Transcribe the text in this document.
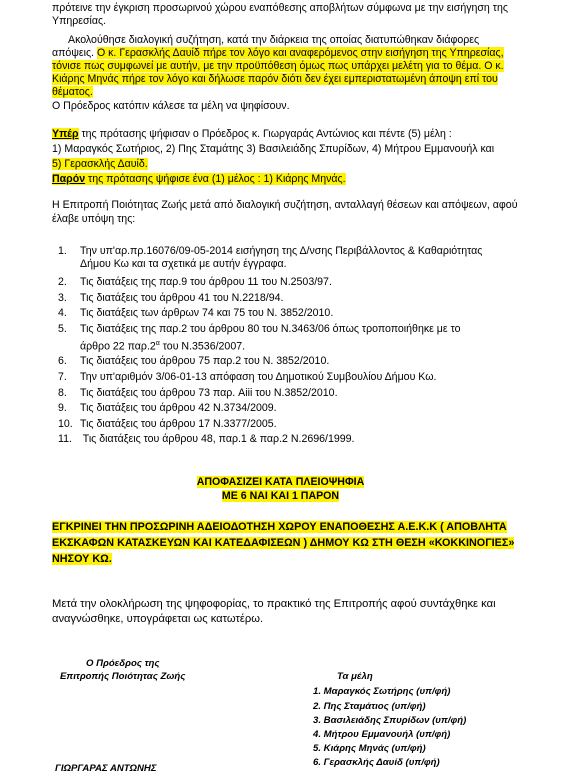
πρότεινε την έγκριση προσωρινού χώρου εναπόθεσης αποβλήτων σύμφωνα με την εισήγηση της
Υπηρεσίας.
Ακολούθησε διαλογική συζήτηση, κατά την διάρκεια της οποίας διατυπώθηκαν διάφορες
απόψεις. Ο κ. Γερασκλής Δαυίδ πήρε τον λόγο και αναφερόμενος στην εισήγηση της Υπηρεσίας,
τόνισε πως συμφωνεί με αυτήν, με την προϋπόθεση όμως πως υπάρχει μελέτη για το θέμα. Ο κ.
Κιάρης Μηνάς πήρε τον λόγο και δήλωσε παρόν διότι δεν έχει εμπεριστατωμένη άποψη επί του
θέματος.
Ο Πρόεδρος κατόπιν κάλεσε τα μέλη να ψηφίσουν.
Υπέρ της πρότασης ψήφισαν ο Πρόεδρος κ. Γιωργαράς Αντώνιος και πέντε (5) μέλη :
1) Μαραγκός Σωτήριος, 2) Πης Σταμάτης 3) Βασιλειάδης Σπυρίδων, 4) Μήτρου Εμμανουήλ και
5) Γερασκλής Δαυίδ.
Παρόν της πρότασης ψήφισε ένα (1) μέλος : 1) Κιάρης Μηνάς.
Η Επιτροπή Ποιότητας Ζωής μετά από διαλογική συζήτηση, ανταλλαγή θέσεων και απόψεων, αφού
έλαβε υπόψη της:
1. Την υπ'αρ.πρ.16076/09-05-2014 εισήγηση της Δ/νσης Περιβάλλοντος & Καθαριότητας
Δήμου Κω και τα σχετικά με αυτήν έγγραφα.
2. Τις διατάξεις της παρ.9 του άρθρου 11 του Ν.2503/97.
3. Τις διατάξεις του άρθρου 41 του Ν.2218/94.
4. Τις διατάξεις των άρθρων 74 και 75 του Ν. 3852/2010.
5. Τις διατάξεις της παρ.2 του άρθρου 80 του Ν.3463/06 όπως τροποποιήθηκε με το
άρθρο 22 $\pi\alpha\rho.2^\alpha$ του Ν.3536/2007.
6. Τις διατάξεις του άρθρου 75 παρ.2 του Ν. 3852/2010.
7. Την υπ'αριθμόν 3/06-01-13 απόφαση του Δημοτικού Συμβουλίου Δήμου Κω.
8. Τις διατάξεις του άρθρου 73 παρ. Aiii του Ν.3852/2010.
9. Τις διατάξεις του άρθρου 42 Ν.3734/2009.
10. Τις διατάξεις του άρθρου 17 Ν.3377/2005.
11. Τις διατάξεις του άρθρου 48, παρ.1 & παρ.2 Ν.2696/1999.
ΑΠΟΦΑΣΙΖΕΙ ΚΑΤΑ ΠΛΕΙΟΨΗΦΙΑ
ΜΕ 6 ΝΑΙ ΚΑΙ 1 ΠΑΡΟΝ
ΕΓΚΡΙΝΕΙ ΤΗΝ ΠΡΟΣΩΡΙΝΗ ΑΔΕΙΟΔΟΤΗΣΗ ΧΩΡΟΥ ΕΝΑΠΟΘΕΣΗΣ Α.Ε.Κ.Κ ( ΑΠΟΒΛΗΤΑ
ΕΚΣΚΑΦΩΝ ΚΑΤΑΣΚΕΥΩΝ ΚΑΙ ΚΑΤΕΔΑΦΙΣΕΩΝ ) ΔΗΜΟΥ ΚΩ ΣΤΗ ΘΕΣΗ «ΚΟΚΚΙΝΟΓΙΕΣ»
ΝΗΣΟΥ ΚΩ.
Μετά την ολοκλήρωση της ψηφοφορίας, το πρακτικό της Επιτροπής αφού συντάχθηκε και
αναγνώσθηκε, υπογράφεται ως κατωτέρω.
Ο Πρόεδρος της
Επιτροπής Ποιότητας Ζωής
ΓΙΩΡΓΑΡΑΣ ΑΝΤΩΝΗΣ
Τα μέλη
1. Μαραγκός Σωτήρης (υπ/φή)
2. Πης Σταμάτιος (υπ/φή)
3. Βασιλειάδης Σπυρίδων (υπ/φή)
4. Μήτρου Εμμανουήλ (υπ/φή)
5. Κιάρης Μηνάς (υπ/φή)
6. Γερασκλής Δαυίδ (υπ/φή)
